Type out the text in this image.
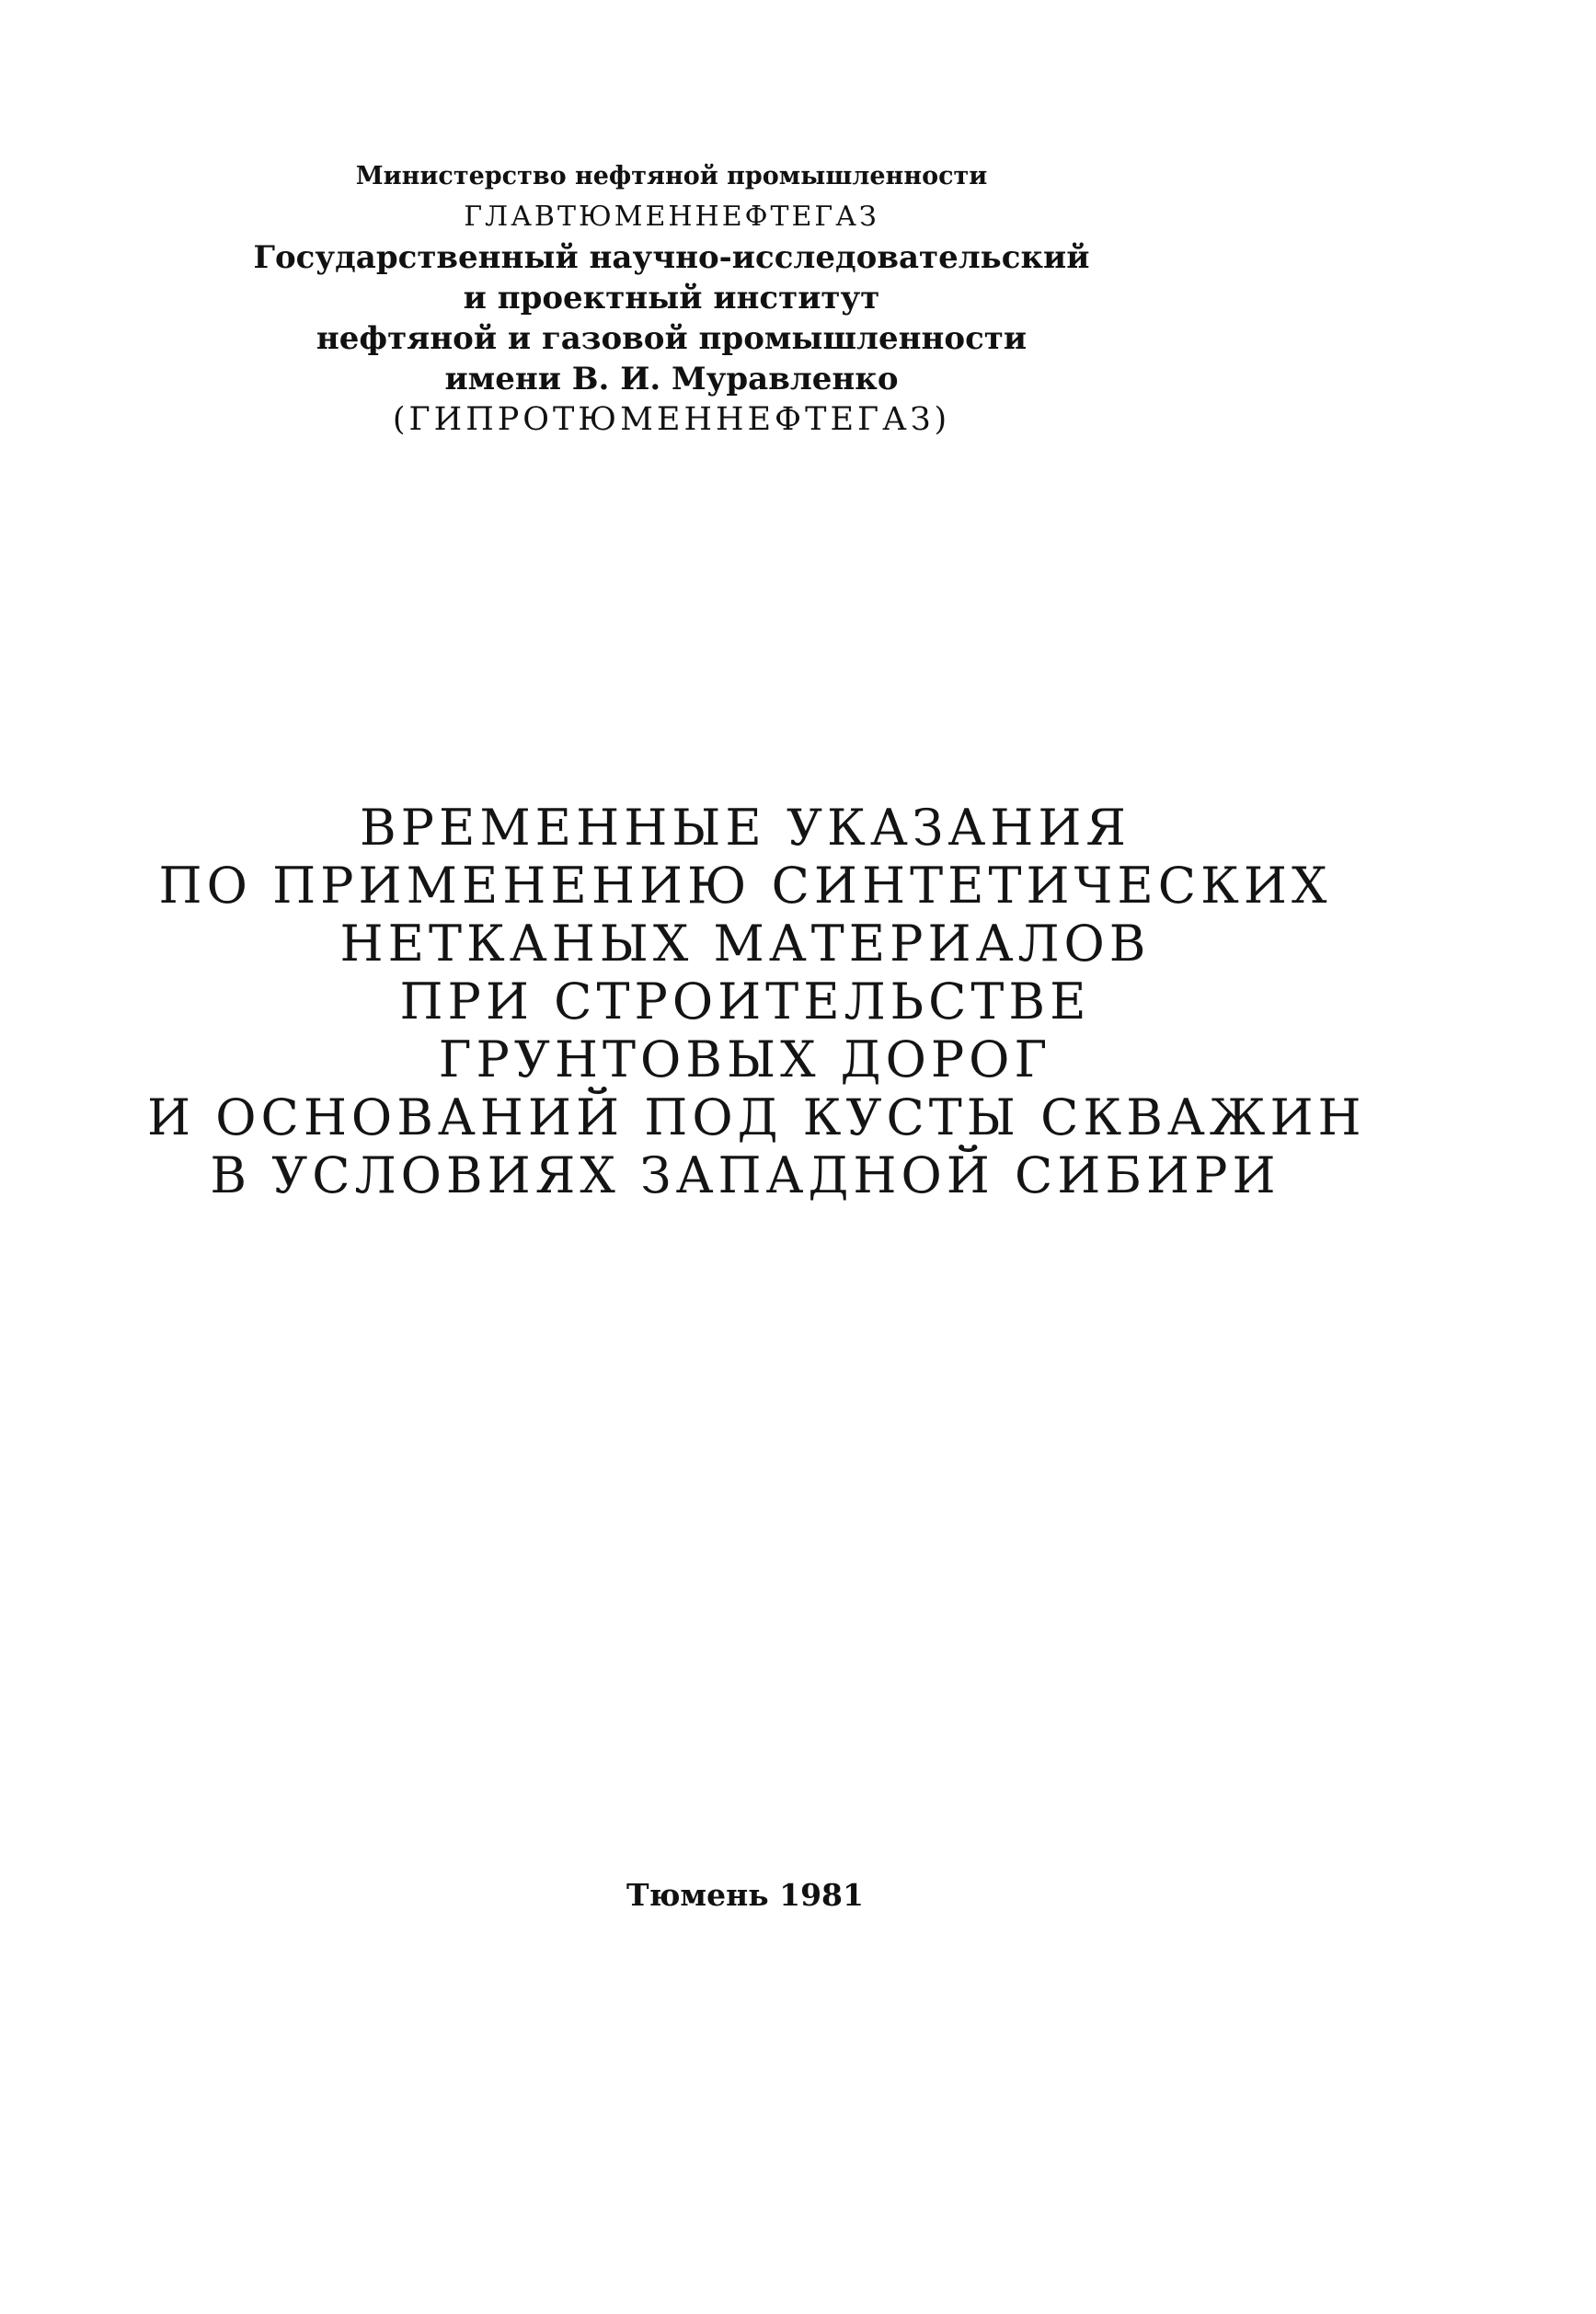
Министерство нефтяной промышленности
ГЛАВТЮМЕННЕФТЕГАЗ
Государственный научно-исследовательский
и проектный институт
нефтяной и газовой промышленности
имени В. И. Муравленко
(ГИПРОТЮМЕННЕФТЕГАЗ)
ВРЕМЕННЫЕ УКАЗАНИЯ
ПО ПРИМЕНЕНИЮ СИНТЕТИЧЕСКИХ
НЕТКАНЫХ МАТЕРИАЛОВ
ПРИ СТРОИТЕЛЬСТВЕ
ГРУНТОВЫХ ДОРОГ
И ОСНОВАНИЙ ПОД КУСТЫ СКВАЖИН
В УСЛОВИЯХ ЗАПАДНОЙ СИБИРИ
Тюмень 1981
